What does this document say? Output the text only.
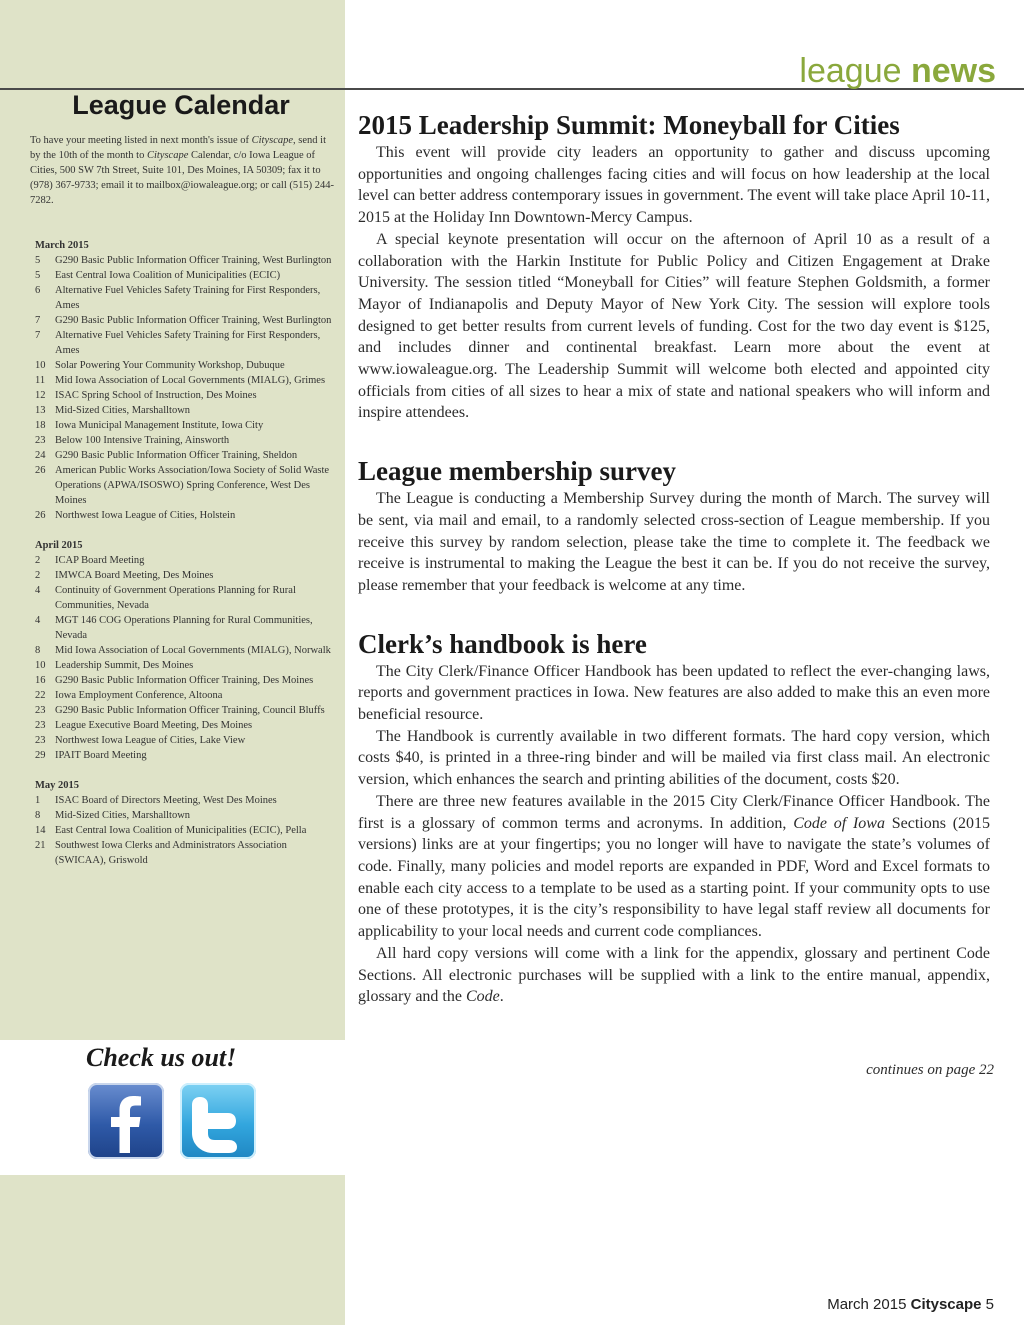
league news
League Calendar
To have your meeting listed in next month's issue of Cityscape, send it by the 10th of the month to Cityscape Calendar, c/o Iowa League of Cities, 500 SW 7th Street, Suite 101, Des Moines, IA 50309; fax it to (978) 367-9733; email it to mailbox@iowaleague.org; or call (515) 244-7282.
March 2015
5	G290 Basic Public Information Officer Training, West Burlington
5	East Central Iowa Coalition of Municipalities (ECIC)
6	Alternative Fuel Vehicles Safety Training for First Responders, Ames
7	G290 Basic Public Information Officer Training, West Burlington
7	Alternative Fuel Vehicles Safety Training for First Responders, Ames
10 Solar Powering Your Community Workshop, Dubuque
11 Mid Iowa Association of Local Governments (MIALG), Grimes
12 ISAC Spring School of Instruction, Des Moines
13 Mid-Sized Cities, Marshalltown
18 Iowa Municipal Management Institute, Iowa City
23 Below 100 Intensive Training, Ainsworth
24 G290 Basic Public Information Officer Training, Sheldon
26 American Public Works Association/Iowa Society of Solid Waste Operations (APWA/ISOSWO) Spring Conference, West Des Moines
26 Northwest Iowa League of Cities, Holstein
April 2015
2	ICAP Board Meeting
2	IMWCA Board Meeting, Des Moines
4	Continuity of Government Operations Planning for Rural Communities, Nevada
4	MGT 146 COG Operations Planning for Rural Communities, Nevada
8	Mid Iowa Association of Local Governments (MIALG), Norwalk
10 Leadership Summit, Des Moines
16 G290 Basic Public Information Officer Training, Des Moines
22 Iowa Employment Conference, Altoona
23 G290 Basic Public Information Officer Training, Council Bluffs
23 League Executive Board Meeting, Des Moines
23 Northwest Iowa League of Cities, Lake View
29 IPAIT Board Meeting
May 2015
1	ISAC Board of Directors Meeting, West Des Moines
8	Mid-Sized Cities, Marshalltown
14 East Central Iowa Coalition of Municipalities (ECIC), Pella
21 Southwest Iowa Clerks and Administrators Association (SWICAA), Griswold
Check us out!
2015 Leadership Summit: Moneyball for Cities

This event will provide city leaders an opportunity to gather and discuss upcoming opportunities and ongoing challenges facing cities and will focus on how leadership at the local level can better address contemporary issues in government. The event will take place April 10-11, 2015 at the Holiday Inn Downtown-Mercy Campus.

A special keynote presentation will occur on the afternoon of April 10 as a result of a collaboration with the Harkin Institute for Public Policy and Citizen Engagement at Drake University. The session titled “Moneyball for Cities” will feature Stephen Goldsmith, a former Mayor of Indianapolis and Deputy Mayor of New York City. The session will explore tools designed to get better results from current levels of funding. Cost for the two day event is $125, and includes dinner and continental breakfast. Learn more about the event at www.iowaleague.org. The Leadership Summit will welcome both elected and appointed city officials from cities of all sizes to hear a mix of state and national speakers who will inform and inspire attendees.

League membership survey

The League is conducting a Membership Survey during the month of March. The survey will be sent, via mail and email, to a randomly selected cross-section of League membership. If you receive this survey by random selection, please take the time to complete it. The feedback we receive is instrumental to making the League the best it can be. If you do not receive the survey, please remember that your feedback is welcome at any time.

Clerk’s handbook is here

The City Clerk/Finance Officer Handbook has been updated to reflect the ever-changing laws, reports and government practices in Iowa. New features are also added to make this an even more beneficial resource.

The Handbook is currently available in two different formats. The hard copy version, which costs $40, is printed in a three-ring binder and will be mailed via first class mail. An electronic version, which enhances the search and printing abilities of the document, costs $20.

There are three new features available in the 2015 City Clerk/Finance Officer Handbook. The first is a glossary of common terms and acronyms. In addition, Code of Iowa Sections (2015 versions) links are at your fingertips; you no longer will have to navigate the state’s volumes of code. Finally, many policies and model reports are expanded in PDF, Word and Excel formats to enable each city access to a template to be used as a starting point. If your community opts to use one of these prototypes, it is the city’s responsibility to have legal staff review all documents for applicability to your local needs and current code compliances.

All hard copy versions will come with a link for the appendix, glossary and pertinent Code Sections. All electronic purchases will be supplied with a link to the entire manual, appendix, glossary and the Code.

continues on page 22
March 2015 Cityscape 5
